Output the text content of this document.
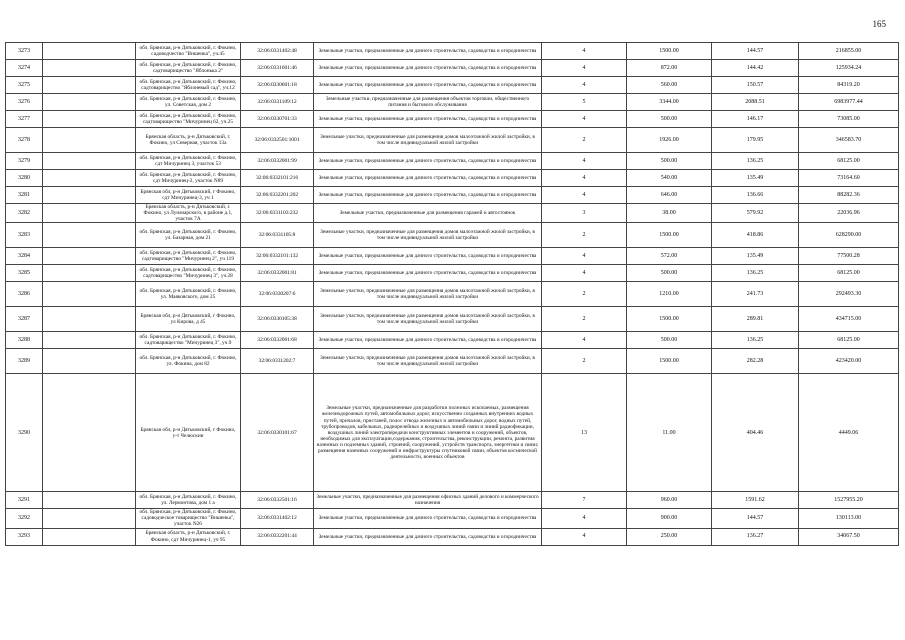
165
3273		обл. Брянская, р-н Дятьковский, г. Фокино, садоводчество "Вишенка", уч.45	32:06:0331402:48	Земельные участки, предназначенные для дачного строительства, садоводства и огородничества	4	1500.00	144.57	216855.00
3274		обл. Брянская, р-н Дятьковский, г. Фокино, садтоварищество "Яблонька 2"	32:06:0331601:46	Земельные участки, предназначенные для дачного строительства, садоводства и огородничества	4	872.00	144.42	125934.24
3275		обл. Брянская, р-н Дятьковский, г. Фокино, садтоварищество "Яблоневый сад", уч.12	32:06:0330601:18	Земельные участки, предназначенные для дачного строительства, садоводства и огородничества	4	560.00	150.57	84319.20
3276		обл. Брянская, р-н Дятьковский, г. Фокино, ул. Советская, дом 2	32:06:0331109:12	Земельные участки, предназначенные для размещения объектов торговли, общественного питания и бытового обслуживания	5	3344.00	2088.51	6983977.44
3277		обл. Брянская, р-н Дятьковский, г. Фокино, садтоварищество "Мичуринец 62, уч.25	32:06:0330701:33	Земельные участки, предназначенные для дачного строительства, садоводства и огородничества	4	500.00	146.17	73085.00
3278		Брянская область, р-н Дятьковский, г. Фокино, ул Северная, участок 13а	32:06:0332501:1001	Земельные участки, предназначенные для размещения домов малоэтажной жилой застройки, в том числе индивидуальной жилой застройки	2	1926.00	179.95	346583.70
3279		обл. Брянская, р-н Дятьковский, г. Фокино, сдт Мичуринец 3, участок 53	32:06:0332001:99	Земельные участки, предназначенные для дачного строительства, садоводства и огородничества	4	500.00	136.25	68125.00
3280		обл. Брянская, р-н Дятьковский, г. Фокино, сдт Мичуринец-2, участок N89	32:06:0332101:216	Земельные участки, предназначенные для дачного строительства, садоводства и огородничества	4	540.00	135.49	73164.60
3281		Брянская обл, р-н Дятьковский, г Фокино, сдт Мичуринец-3, уч 1	32:06:0332201:202	Земельные участки, предназначенные для дачного строительства, садоводства и огородничества	4	646.00	136.66	88282.36
3282		Брянская область, р-н Дятьковский, г. Фокино, ул Луначарского, в районе д.1, участок 7А	32:06:0331103:232	Земельные участки, предназначенные для размещения гаражей и автостоянок	3	38.00	579.92	22036.96
3283		обл. Брянская, р-н Дятьковский, г. Фокино, ул. Базарная, дом 21	32:06:0331105:8	Земельные участки, предназначенные для размещения домов малоэтажной жилой застройки, в том числе индивидуальной жилой застройки	2	1500.00	418.86	628290.00
3284		обл. Брянская, р-н Дятьковский, г. Фокино, садтоварищество "Мичуринец 2", уч 119	32:06:0332101:132	Земельные участки, предназначенные для дачного строительства, садоводства и огородничества	4	572.00	135.49	77500.28
3285		обл. Брянская, р-н Дятьковский, г. Фокино, садтоварищество "Мичуринец 3", уч.28	32:06:0332001:81	Земельные участки, предназначенные для дачного строительства, садоводства и огородничества	4	500.00	136.25	68125.00
3286		обл. Брянская, р-н Дятьковский, г. Фокино, ул. Маяковского, дом 25	32:06:0330207:6	Земельные участки, предназначенные для размещения домов малоэтажной жилой застройки, в том числе индивидуальной жилой застройки	2	1210.00	241.73	292493.30
3287		Брянская обл, р-н Дятьковский, г Фокино, ул Кирова, д 45	32:06:0330105:38	Земельные участки, предназначенные для размещения домов малоэтажной жилой застройки, в том числе индивидуальной жилой застройки	2	1500.00	289.81	434715.00
3288		обл. Брянская, р-н Дятьковский, г. Фокино, садтоварищество "Мичуринец 3", уч.9	32:06:0332001:68	Земельные участки, предназначенные для дачного строительства, садоводства и огородничества	4	500.00	136.25	68125.00
3289		обл. Брянская, р-н Дятьковский, г. Фокино, ул. Фокина, дом 82	32:06:0331202:7	Земельные участки, предназначенные для размещения домов малоэтажной жилой застройки, в том числе индивидуальной жилой застройки	2	1500.00	282.28	423420.00
3290		Брянская обл, р-н Дятьковский, г Фокино, у-т Челюскин	32:06:0330101:67	Земельные участки, предназначенные для разработки полезных ископаемых, размещения железнодорожных путей, автомобильных дорог, искусственно созданных внутренних водных путей, причалов, пристаней, полос отвода железных и автомобильных дорог, водных путей, трубопроводов, кабельных, радиорелейных и воздушных линий связи и линий радиофикации, воздушных линий электропередачи конструктивных элементов и сооружений, объектов, необходимых для эксплуатации,содержания, строительства, реконструкции, ремонта, развития наземных и подземных зданий, строений, сооружений, устройств транспорта, энергетики и связи; размещения наземных сооружений и инфраструктуры спутниковой связи, объектов космической деятельности, военных объектов	13	11.00	404.46	4449.06
3291		обл. Брянская, р-н Дятьковский, г. Фокино, ул. Лермонтова, дом 1 а	32:06:0332501:16	Земельные участки, предназначенные для размещения офисных зданий делового и коммерческого назначения	7	960.00	1591.62	1527955.20
3292		обл. Брянская, р-н Дятьковский, г. Фокино, садоводческое товарищество "Вишенка", участок N26	32:06:0331402:12	Земельные участки, предназначенные для дачного строительства, садоводства и огородничества	4	900.00	144.57	130113.00
3293		Брянская область, р-н Дятьковский, г. Фокино, сдт Мичуринец-1, уч 95	32:06:0332201:44	Земельные участки, предназначенные для дачного строительства, садоводства и огородничества	4	250.00	136.27	34067.50
